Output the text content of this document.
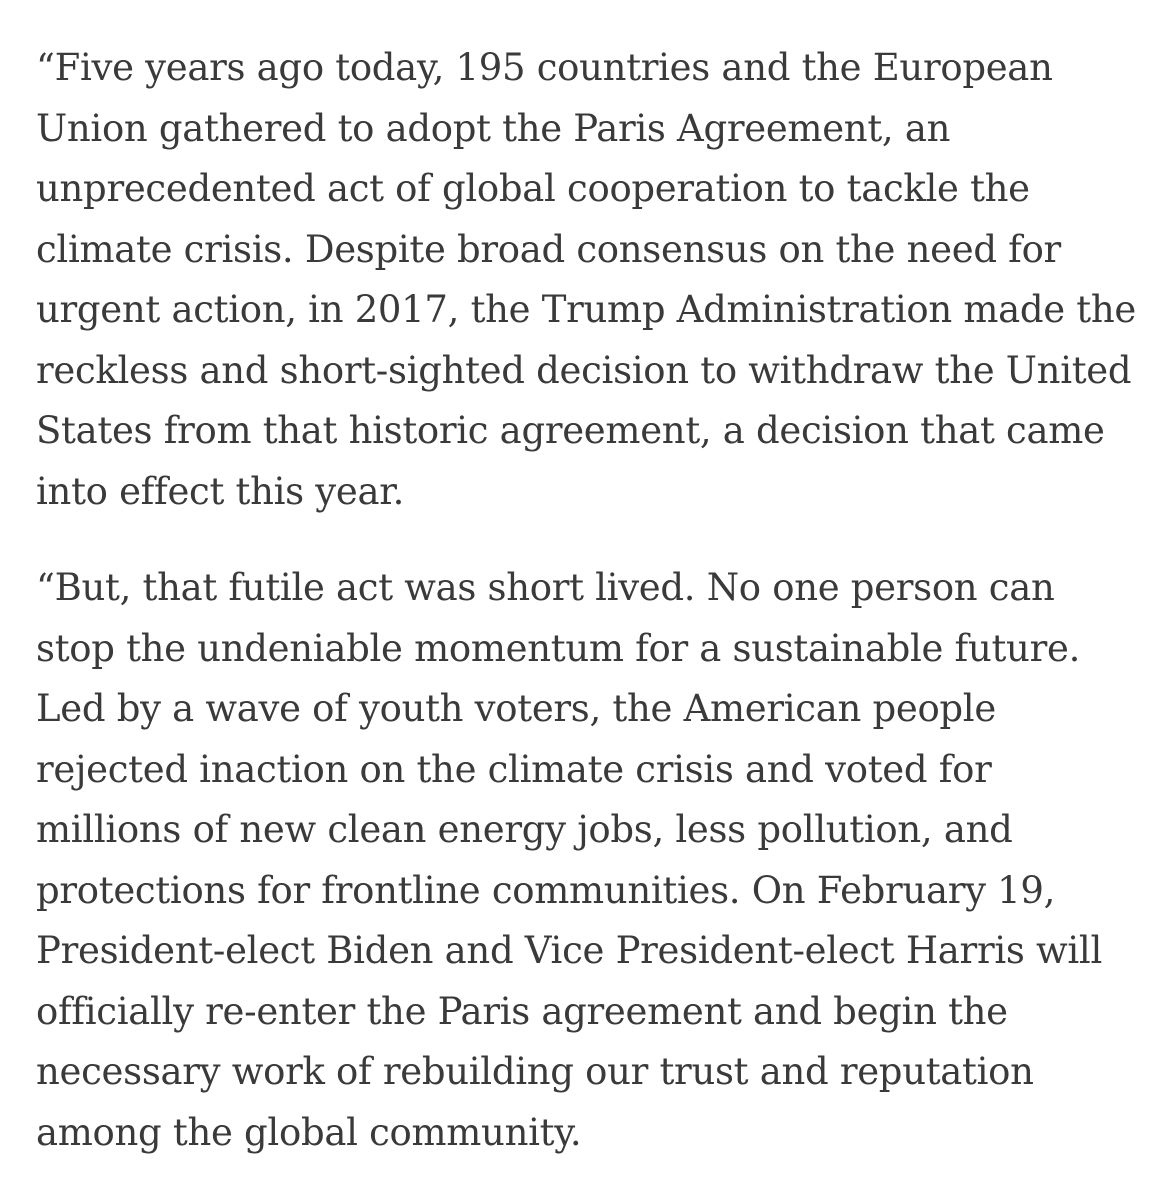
“Five years ago today, 195 countries and the European
Union gathered to adopt the Paris Agreement, an
unprecedented act of global cooperation to tackle the
climate crisis. Despite broad consensus on the need for
urgent action, in 2017, the Trump Administration made the
reckless and short-sighted decision to withdraw the United
States from that historic agreement, a decision that came
into effect this year.

“But, that futile act was short lived. No one person can
stop the undeniable momentum for a sustainable future.
Led by a wave of youth voters, the American people
rejected inaction on the climate crisis and voted for
millions of new clean energy jobs, less pollution, and
protections for frontline communities. On February 19,
President-elect Biden and Vice President-elect Harris will
officially re-enter the Paris agreement and begin the
necessary work of rebuilding our trust and reputation
among the global community.
